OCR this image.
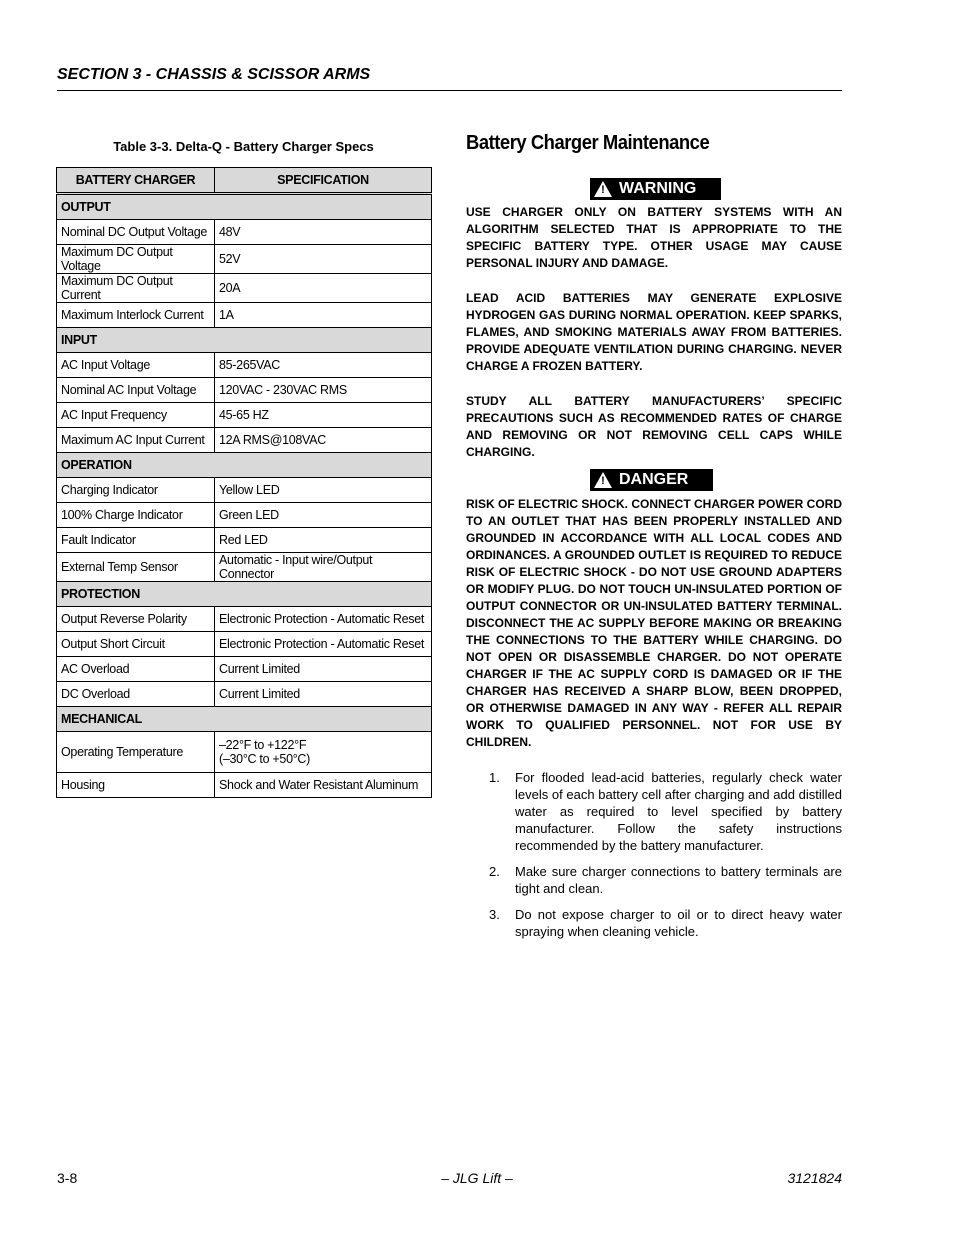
SECTION 3 - CHASSIS & SCISSOR ARMS
Table 3-3. Delta-Q - Battery Charger Specs
BATTERY CHARGER	SPECIFICATION
OUTPUT	
Nominal DC Output Voltage	48V
Maximum DC Output Voltage	52V
Maximum DC Output Current	20A
Maximum Interlock Current	1A
INPUT	
AC Input Voltage	85-265VAC
Nominal AC Input Voltage	120VAC - 230VAC RMS
AC Input Frequency	45-65 HZ
Maximum AC Input Current	12A RMS@108VAC
OPERATION	
Charging Indicator	Yellow LED
100% Charge Indicator	Green LED
Fault Indicator	Red LED
External Temp Sensor	Automatic - Input wire/Output Connector
PROTECTION	
Output Reverse Polarity	Electronic Protection - Automatic Reset
Output Short Circuit	Electronic Protection - Automatic Reset
AC Overload	Current Limited
DC Overload	Current Limited
MECHANICAL	
Operating Temperature	–22°F to +122°F
(–30°C to +50°C)

Housing	Shock and Water Resistant Aluminum
Battery Charger Maintenance
! WARNING
USE CHARGER ONLY ON BATTERY SYSTEMS WITH AN ALGORITHM SELECTED THAT IS APPROPRIATE TO THE SPECIFIC BATTERY TYPE. OTHER USAGE MAY CAUSE PERSONAL INJURY AND DAMAGE.
LEAD ACID BATTERIES MAY GENERATE EXPLOSIVE HYDROGEN GAS DURING NORMAL OPERATION. KEEP SPARKS, FLAMES, AND SMOKING MATERIALS AWAY FROM BATTERIES. PROVIDE ADEQUATE VENTILATION DURING CHARGING. NEVER CHARGE A FROZEN BATTERY.
STUDY ALL BATTERY MANUFACTURERS’ SPECIFIC PRECAUTIONS SUCH AS RECOMMENDED RATES OF CHARGE AND REMOVING OR NOT REMOVING CELL CAPS WHILE CHARGING.
! DANGER
RISK OF ELECTRIC SHOCK. CONNECT CHARGER POWER CORD TO AN OUTLET THAT HAS BEEN PROPERLY INSTALLED AND GROUNDED IN ACCORDANCE WITH ALL LOCAL CODES AND ORDINANCES. A GROUNDED OUTLET IS REQUIRED TO REDUCE RISK OF ELECTRIC SHOCK - DO NOT USE GROUND ADAPTERS OR MODIFY PLUG. DO NOT TOUCH UN-INSULATED PORTION OF OUTPUT CONNECTOR OR UN-INSULATED BATTERY TERMINAL. DISCONNECT THE AC SUPPLY BEFORE MAKING OR BREAKING THE CONNECTIONS TO THE BATTERY WHILE CHARGING. DO NOT OPEN OR DISASSEMBLE CHARGER. DO NOT OPERATE CHARGER IF THE AC SUPPLY CORD IS DAMAGED OR IF THE CHARGER HAS RECEIVED A SHARP BLOW, BEEN DROPPED, OR OTHERWISE DAMAGED IN ANY WAY - REFER ALL REPAIR WORK TO QUALIFIED PERSONNEL. NOT FOR USE BY CHILDREN.
1. For flooded lead-acid batteries, regularly check water levels of each battery cell after charging and add distilled water as required to level specified by battery manufacturer. Follow the safety instructions recommended by the battery manufacturer.
2. Make sure charger connections to battery terminals are tight and clean.
3. Do not expose charger to oil or to direct heavy water spraying when cleaning vehicle.
3-8	– JLG Lift –	3121824
